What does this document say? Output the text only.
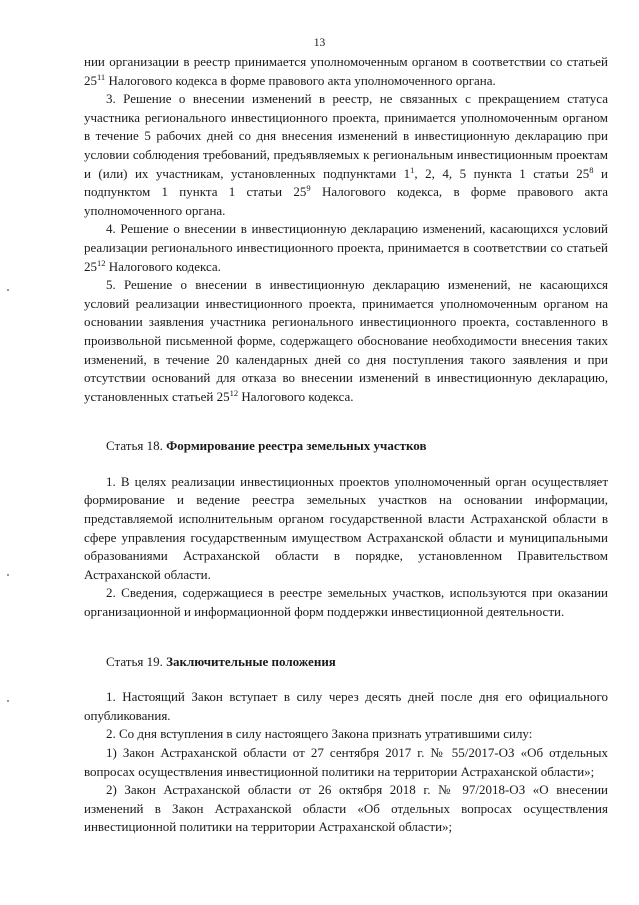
13

нии организации в реестр принимается уполномоченным органом в соответствии со статьей $25^{11}$ Налогового кодекса в форме правового акта уполномоченного органа.

3. Решение о внесении изменений в реестр, не связанных с прекращением статуса участника регионального инвестиционного проекта, принимается уполномоченным органом в течение 5 рабочих дней со дня внесения изменений в инвестиционную декларацию при условии соблюдения требований, предъявляемых к региональным инвестиционным проектам и (или) их участникам, установленных подпунктами $1^1$, 2, 4, 5 пункта 1 статьи $25^8$ и подпунктом 1 пункта 1 статьи $25^9$ Налогового кодекса, в форме правового акта уполномоченного органа.

4. Решение о внесении в инвестиционную декларацию изменений, касающихся условий реализации регионального инвестиционного проекта, принимается в соответствии со статьей $25^{12}$ Налогового кодекса.

5. Решение о внесении в инвестиционную декларацию изменений, не касающихся условий реализации инвестиционного проекта, принимается уполномоченным органом на основании заявления участника регионального инвестиционного проекта, составленного в произвольной письменной форме, содержащего обоснование необходимости внесения таких изменений, в течение 20 календарных дней со дня поступления такого заявления и при отсутствии оснований для отказа во внесении изменений в инвестиционную декларацию, установленных статьей $25^{12}$ Налогового кодекса.

Статья 18. Формирование реестра земельных участков

1. В целях реализации инвестиционных проектов уполномоченный орган осуществляет формирование и ведение реестра земельных участков на основании информации, представляемой исполнительным органом государственной власти Астраханской области в сфере управления государственным имуществом Астраханской области и муниципальными образованиями Астраханской области в порядке, установленном Правительством Астраханской области.

2. Сведения, содержащиеся в реестре земельных участков, используются при оказании организационной и информационной форм поддержки инвестиционной деятельности.

Статья 19. Заключительные положения

1. Настоящий Закон вступает в силу через десять дней после дня его официального опубликования.

2. Со дня вступления в силу настоящего Закона признать утратившими силу:

1) Закон Астраханской области от 27 сентября 2017 г. № 55/2017-ОЗ «Об отдельных вопросах осуществления инвестиционной политики на территории Астраханской области»;

2) Закон Астраханской области от 26 октября 2018 г. № 97/2018-ОЗ «О внесении изменений в Закон Астраханской области «Об отдельных вопросах осуществления инвестиционной политики на территории Астраханской области»;
